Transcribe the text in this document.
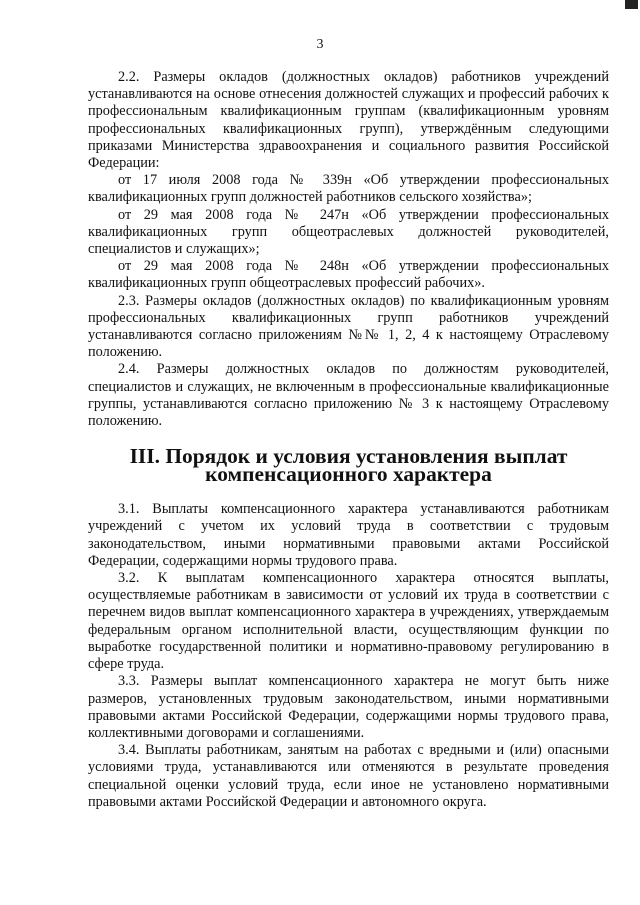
3

2.2. Размеры окладов (должностных окладов) работников учреждений устанавливаются на основе отнесения должностей служащих и профессий рабочих к профессиональным квалификационным группам (квалификационным уровням профессиональных квалификационных групп), утверждённым следующими приказами Министерства здравоохранения и социального развития Российской Федерации:

от 17 июля 2008 года № 339н «Об утверждении профессиональных квалификационных групп должностей работников сельского хозяйства»;

от 29 мая 2008 года № 247н «Об утверждении профессиональных квалификационных групп общеотраслевых должностей руководителей, специалистов и служащих»;

от 29 мая 2008 года № 248н «Об утверждении профессиональных квалификационных групп общеотраслевых профессий рабочих».

2.3. Размеры окладов (должностных окладов) по квалификационным уровням профессиональных квалификационных групп работников учреждений устанавливаются согласно приложениям №№ 1, 2, 4 к настоящему Отраслевому положению.

2.4. Размеры должностных окладов по должностям руководителей, специалистов и служащих, не включенным в профессиональные квалификационные группы, устанавливаются согласно приложению № 3 к настоящему Отраслевому положению.

III. Порядок и условия установления выплат
компенсационного характера

3.1. Выплаты компенсационного характера устанавливаются работникам учреждений с учетом их условий труда в соответствии с трудовым законодательством, иными нормативными правовыми актами Российской Федерации, содержащими нормы трудового права.

3.2. К выплатам компенсационного характера относятся выплаты, осуществляемые работникам в зависимости от условий их труда в соответствии с перечнем видов выплат компенсационного характера в учреждениях, утверждаемым федеральным органом исполнительной власти, осуществляющим функции по выработке государственной политики и нормативно-правовому регулированию в сфере труда.

3.3. Размеры выплат компенсационного характера не могут быть ниже размеров, установленных трудовым законодательством, иными нормативными правовыми актами Российской Федерации, содержащими нормы трудового права, коллективными договорами и соглашениями.

3.4. Выплаты работникам, занятым на работах с вредными и (или) опасными условиями труда, устанавливаются или отменяются в результате проведения специальной оценки условий труда, если иное не установлено нормативными правовыми актами Российской Федерации и автономного округа.
